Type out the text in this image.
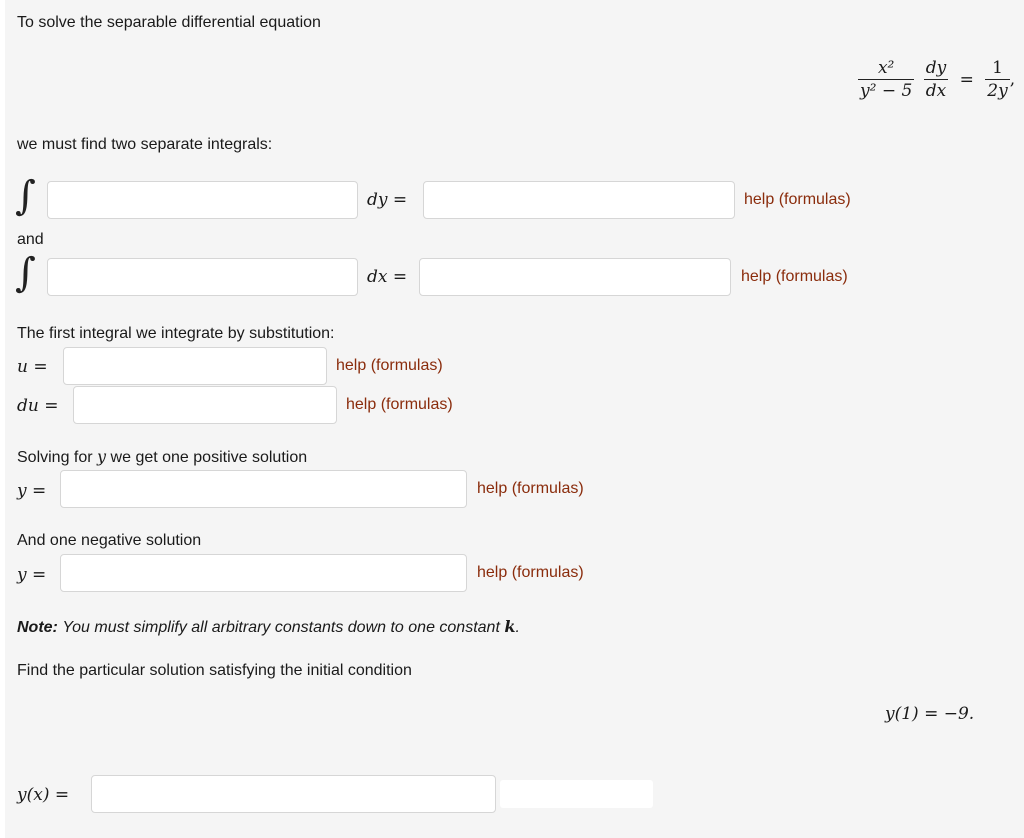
To solve the separable differential equation
$\frac{\text{x²}}{\text{y² − 5}}$
$\frac{dy}{dx} = \frac{1}{2y}$ ,
we must find two separate integrals:
∫	dy =	help (formulas)
and
∫	dx =	help (formulas)
The first integral we integrate by substitution:
u =	help (formulas)
du =	help (formulas)
Solving for y we get one positive solution
y =	help (formulas)
And one negative solution
y =	help (formulas)
Note: You must simplify all arbitrary constants down to one constant k.
Find the particular solution satisfying the initial condition
y(1) = −9.
y(x) =
